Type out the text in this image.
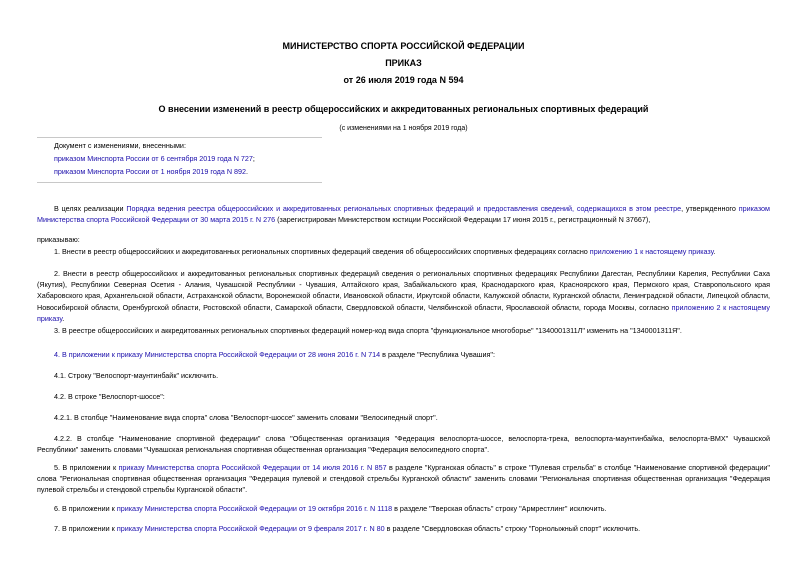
МИНИСТЕРСТВО СПОРТА РОССИЙСКОЙ ФЕДЕРАЦИИ
ПРИКАЗ
от 26 июля 2019 года N 594
О внесении изменений в реестр общероссийских и аккредитованных региональных спортивных федераций
(с изменениями на 1 ноября 2019 года)
Документ с изменениями, внесенными:
приказом Минспорта России от 6 сентября 2019 года N 727;
приказом Минспорта России от 1 ноября 2019 года N 892.
В целях реализации Порядка ведения реестра общероссийских и аккредитованных региональных спортивных федераций и предоставления сведений, содержащихся в этом реестре, утвержденного приказом Министерства спорта Российской Федерации от 30 марта 2015 г. N 276 (зарегистрирован Министерством юстиции Российской Федерации 17 июня 2015 г., регистрационный N 37667),
приказываю:
1. Внести в реестр общероссийских и аккредитованных региональных спортивных федераций сведения об общероссийских спортивных федерациях согласно приложению 1 к настоящему приказу.
2. Внести в реестр общероссийских и аккредитованных региональных спортивных федераций сведения о региональных спортивных федерациях Республики Дагестан, Республики Карелия, Республики Саха (Якутия), Республики Северная Осетия - Алания, Чувашской Республики - Чувашия, Алтайского края, Забайкальского края, Краснодарского края, Красноярского края, Пермского края, Ставропольского края Хабаровского края, Архангельской области, Астраханской области, Воронежской области, Ивановской области, Иркутской области, Калужской области, Курганской области, Ленинградской области, Липецкой области, Новосибирской области, Оренбургской области, Ростовской области, Самарской области, Свердловской области, Челябинской области, Ярославской области, города Москвы, согласно приложению 2 к настоящему приказу.
3. В реестре общероссийских и аккредитованных региональных спортивных федераций номер-код вида спорта "функциональное многоборье" "1340001311Л" изменить на "1340001311Я".
4. В приложении к приказу Министерства спорта Российской Федерации от 28 июня 2016 г. N 714 в разделе "Республика Чувашия":
4.1. Строку "Велоспорт-маунтинбайк" исключить.
4.2. В строке "Велоспорт-шоссе":
4.2.1. В столбце "Наименование вида спорта" слова "Велоспорт-шоссе" заменить словами "Велосипедный спорт".
4.2.2. В столбце "Наименование спортивной федерации" слова "Общественная организация "Федерация велоспорта-шоссе, велоспорта-трека, велоспорта-маунтинбайка, велоспорта-BMX" Чувашской Республики" заменить словами "Чувашская региональная спортивная общественная организация "Федерация велосипедного спорта".
5. В приложении к приказу Министерства спорта Российской Федерации от 14 июля 2016 г. N 857 в разделе "Курганская область" в строке "Пулевая стрельба" в столбце "Наименование спортивной федерации" слова "Региональная спортивная общественная организация "Федерация пулевой и стендовой стрельбы Курганской области" заменить словами "Региональная спортивная общественная организация "Федерация пулевой стрельбы и стендовой стрельбы Курганской области".
6. В приложении к приказу Министерства спорта Российской Федерации от 19 октября 2016 г. N 1118 в разделе "Тверская область" строку "Армрестлинг" исключить.
7. В приложении к приказу Министерства спорта Российской Федерации от 9 февраля 2017 г. N 80 в разделе "Свердловская область" строку "Горнолыжный спорт" исключить.
